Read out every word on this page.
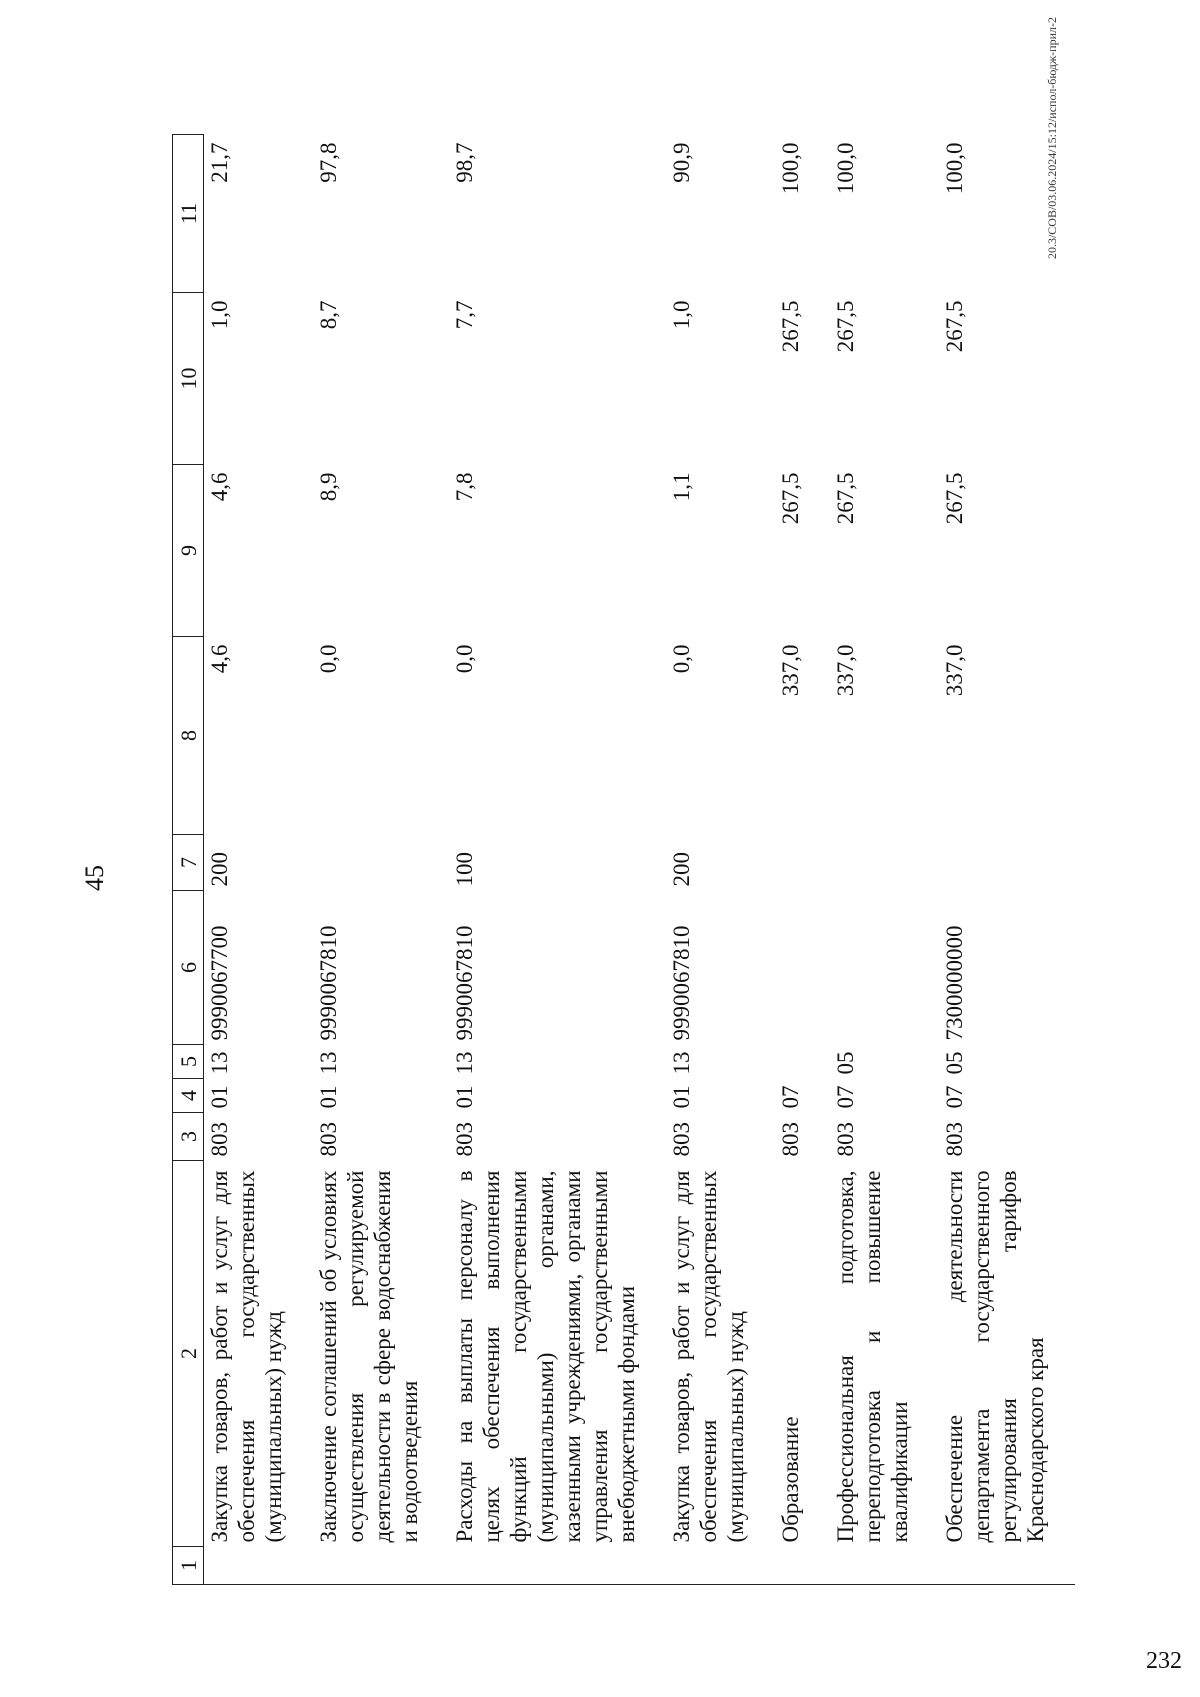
45
1	2	3	4	5	6	7	8	9	10	11
	Закупка товаров, работ и услуг для обеспечения государственных (муниципальных) нужд	803	01	13	9990067700	200	4,6	4,6	1,0	21,7
	Заключение соглашений об условиях осуществления регулируемой деятельности в сфере водоснабжения и водоотведения	803	01	13	9990067810		0,0	8,9	8,7	97,8
	Расходы на выплаты персоналу в целях обеспечения выполнения функций государственными (муниципальными) органами, казенными учреждениями, органами управления государственными внебюджетными фондами	803	01	13	9990067810	100	0,0	7,8	7,7	98,7
	Закупка товаров, работ и услуг для обеспечения государственных (муниципальных) нужд	803	01	13	9990067810	200	0,0	1,1	1,0	90,9
	Образование	803	07				337,0	267,5	267,5	100,0
	Профессиональная подготовка, переподготовка и повышение квалификации	803	07	05			337,0	267,5	267,5	100,0
	Обеспечение деятельности департамента государственного регулирования тарифов Краснодарского края	803	07	05	7300000000		337,0	267,5	267,5	100,0	20.3/СОВ/03.06.2024/15:12/испол-бюдж-прил-2
232
